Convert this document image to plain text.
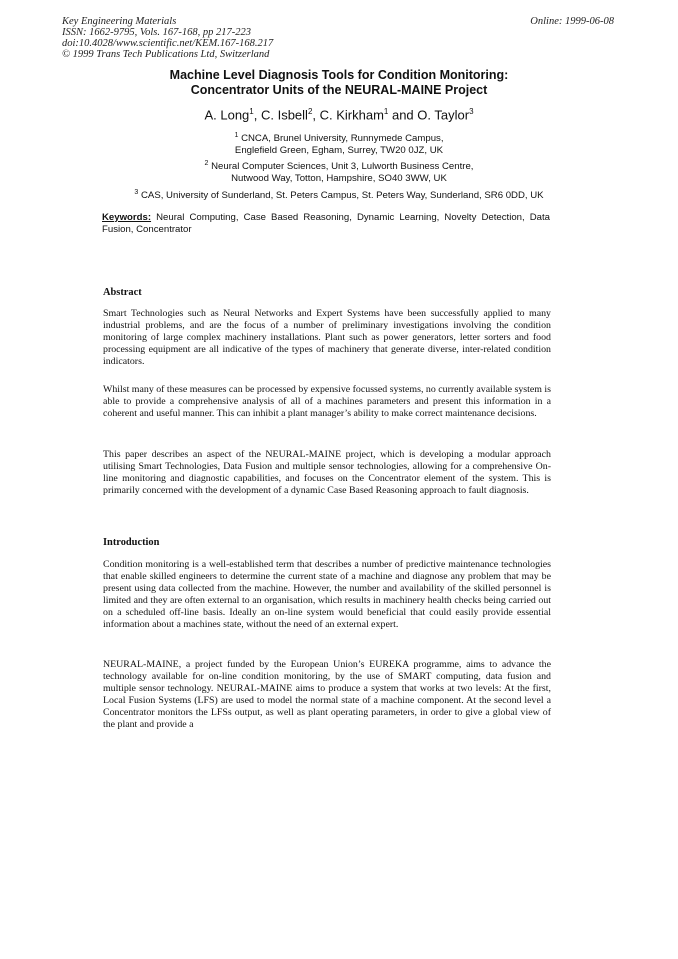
Key Engineering Materials
ISSN: 1662-9795, Vols. 167-168, pp 217-223
doi:10.4028/www.scientific.net/KEM.167-168.217
© 1999 Trans Tech Publications Ltd, Switzerland
Online: 1999-06-08
Machine Level Diagnosis Tools for Condition Monitoring:
Concentrator Units of the NEURAL-MAINE Project
A. Long$^1$, C. Isbell$^2$, C. Kirkham$^1$ and O. Taylor$^3$
$^1$ CNCA, Brunel University, Runnymede Campus,
Englefield Green, Egham, Surrey, TW20 0JZ, UK
$^2$ Neural Computer Sciences, Unit 3, Lulworth Business Centre,
Nutwood Way, Totton, Hampshire, SO40 3WW, UK
$^3$ CAS, University of Sunderland, St. Peters Campus, St. Peters Way, Sunderland, SR6 0DD, UK
Keywords: Neural Computing, Case Based Reasoning, Dynamic Learning, Novelty Detection, Data Fusion, Concentrator
Abstract

Smart Technologies such as Neural Networks and Expert Systems have been successfully applied to many industrial problems, and are the focus of a number of preliminary investigations involving the condition monitoring of large complex machinery installations. Plant such as power generators, letter sorters and food processing equipment are all indicative of the types of machinery that generate diverse, inter-related condition indicators.

Whilst many of these measures can be processed by expensive focussed systems, no currently available system is able to provide a comprehensive analysis of all of a machines parameters and present this information in a coherent and useful manner. This can inhibit a plant manager’s ability to make correct maintenance decisions.

This paper describes an aspect of the NEURAL-MAINE project, which is developing a modular approach utilising Smart Technologies, Data Fusion and multiple sensor technologies, allowing for a comprehensive On-line monitoring and diagnostic capabilities, and focuses on the Concentrator element of the system. This is primarily concerned with the development of a dynamic Case Based Reasoning approach to fault diagnosis.

Introduction

Condition monitoring is a well-established term that describes a number of predictive maintenance technologies that enable skilled engineers to determine the current state of a machine and diagnose any problem that may be present using data collected from the machine. However, the number and availability of the skilled personnel is limited and they are often external to an organisation, which results in machinery health checks being carried out on a scheduled off-line basis. Ideally an on-line system would beneficial that could easily provide essential information about a machines state, without the need of an external expert.

NEURAL-MAINE, a project funded by the European Union’s EUREKA programme, aims to advance the technology available for on-line condition monitoring, by the use of SMART computing, data fusion and multiple sensor technology. NEURAL-MAINE aims to produce a system that works at two levels: At the first, Local Fusion Systems (LFS) are used to model the normal state of a machine component. At the second level a Concentrator monitors the LFSs output, as well as plant operating parameters, in order to give a global view of the plant and provide a
